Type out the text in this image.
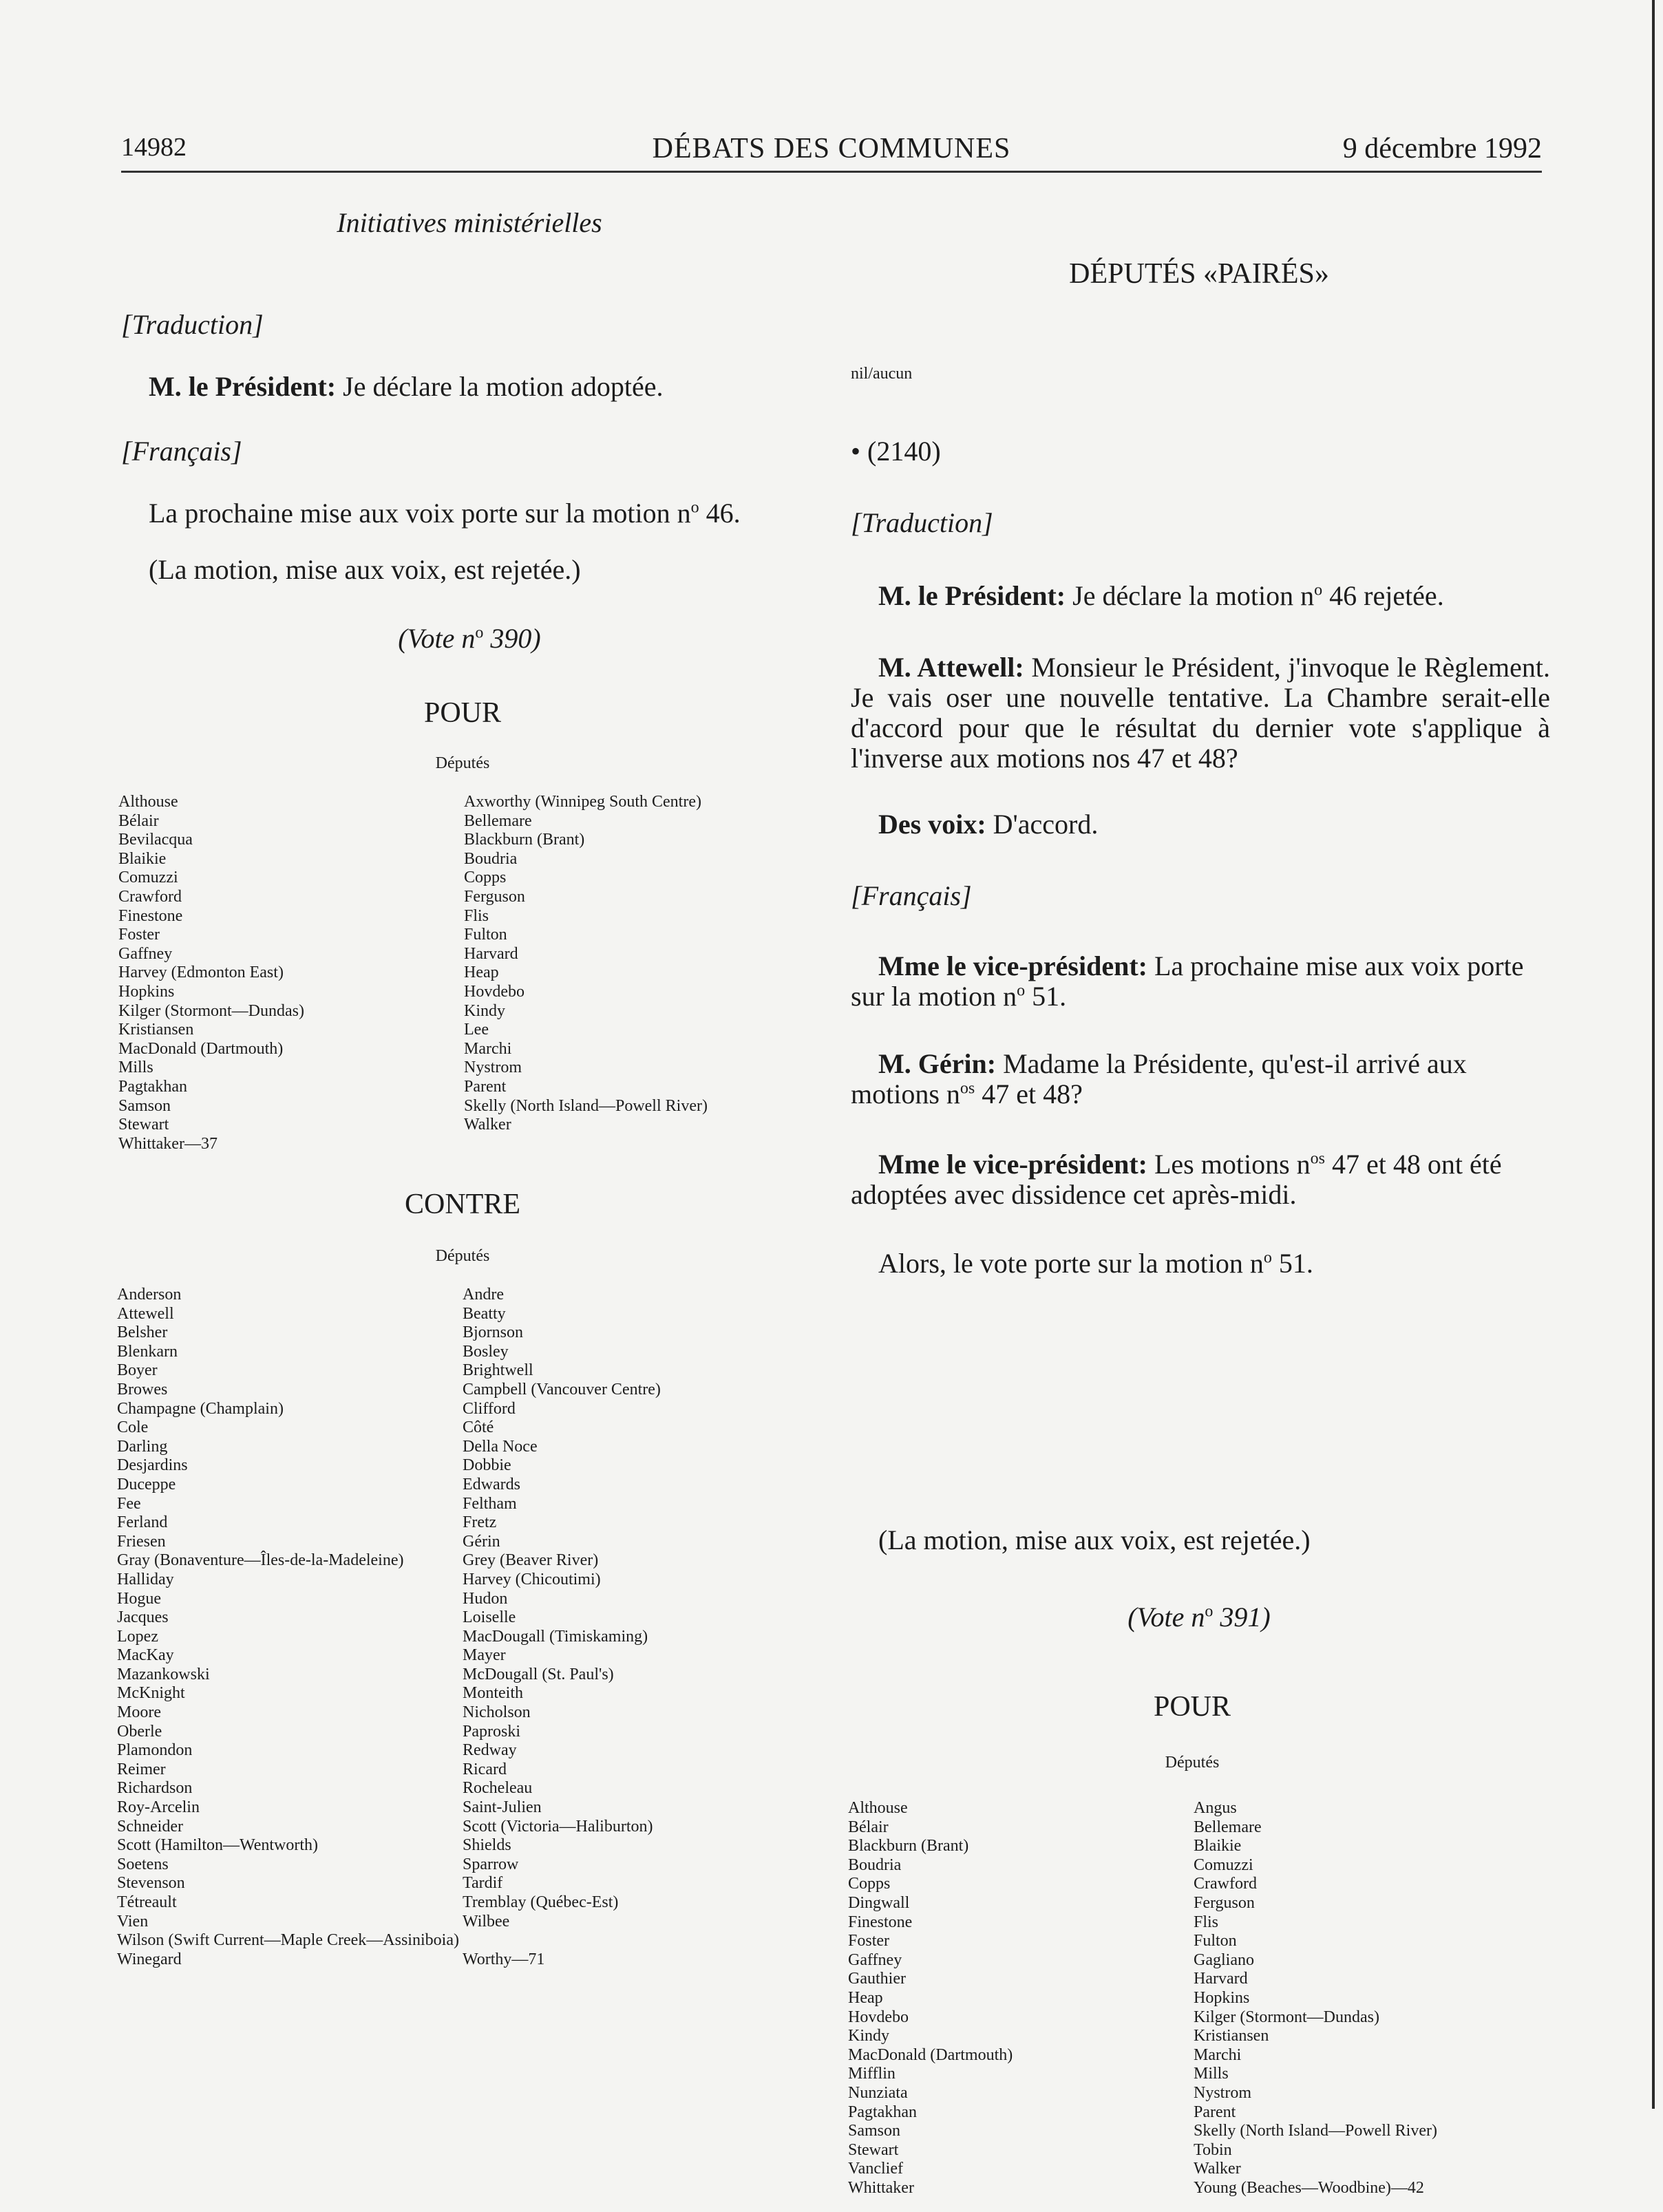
14982	DÉBATS DES COMMUNES	9 décembre 1992
Initiatives ministérielles
[Traduction]
M. le Président: Je déclare la motion adoptée.
[Français]
La prochaine mise aux voix porte sur la motion $n^o$ 46.
(La motion, mise aux voix, est rejetée.)
(Vote $n^o$ 390)
POUR
Députés
Althouse
Bélair
Bevilacqua
Blaikie
Comuzzi
Crawford
Finestone
Foster
Gaffney
Harvey (Edmonton East)
Hopkins
Kilger (Stormont—Dundas)
Kristiansen
MacDonald (Dartmouth)
Mills
Pagtakhan
Samson
Stewart
Whittaker—37
Axworthy (Winnipeg South Centre)
Bellemare
Blackburn (Brant)
Boudria
Copps
Ferguson
Flis
Fulton
Harvard
Heap
Hovdebo
Kindy
Lee
Marchi
Nystrom
Parent
Skelly (North Island—Powell River)
Walker
CONTRE
Députés
Anderson
Attewell
Belsher
Blenkarn
Boyer
Browes
Champagne (Champlain)
Cole
Darling
Desjardins
Duceppe
Fee
Ferland
Friesen
Gray (Bonaventure—Îles-de-la-Madeleine)
Halliday
Hogue
Jacques
Lopez
MacKay
Mazankowski
McKnight
Moore
Oberle
Plamondon
Reimer
Richardson
Roy-Arcelin
Schneider
Scott (Hamilton—Wentworth)
Soetens
Stevenson
Tétreault
Vien
Wilson (Swift Current—Maple Creek—Assiniboia)
Winegard
Andre
Beatty
Bjornson
Bosley
Brightwell
Campbell (Vancouver Centre)
Clifford
Côté
Della Noce
Dobbie
Edwards
Feltham
Fretz
Gérin
Grey (Beaver River)
Harvey (Chicoutimi)
Hudon
Loiselle
MacDougall (Timiskaming)
Mayer
McDougall (St. Paul's)
Monteith
Nicholson
Paproski
Redway
Ricard
Rocheleau
Saint-Julien
Scott (Victoria—Haliburton)
Shields
Sparrow
Tardif
Tremblay (Québec-Est)
Wilbee

Worthy—71
DÉPUTÉS «PAIRÉS»
nil/aucun
• (2140)
[Traduction]
M. le Président: Je déclare la motion $n^o$ 46 rejetée.
M. Attewell: Monsieur le Président, j'invoque le Règlement. Je vais oser une nouvelle tentative. La Chambre serait-elle d'accord pour que le résultat du dernier vote s'applique à l'inverse aux motions nos 47 et 48?
Des voix: D'accord.
[Français]
Mme le vice-président: La prochaine mise aux voix porte sur la motion $n^o$ 51.
M. Gérin: Madame la Présidente, qu'est-il arrivé aux motions $n^{os}$ 47 et 48?
Mme le vice-président: Les motions $n^{os}$ 47 et 48 ont été adoptées avec dissidence cet après-midi.
Alors, le vote porte sur la motion $n^o$ 51.
(La motion, mise aux voix, est rejetée.)
(Vote $n^o$ 391)
POUR
Députés
Althouse
Bélair
Blackburn (Brant)
Boudria
Copps
Dingwall
Finestone
Foster
Gaffney
Gauthier
Heap
Hovdebo
Kindy
MacDonald (Dartmouth)
Mifflin
Nunziata
Pagtakhan
Samson
Stewart
Vanclief
Whittaker
Angus
Bellemare
Blaikie
Comuzzi
Crawford
Ferguson
Flis
Fulton
Gagliano
Harvard
Hopkins
Kilger (Stormont—Dundas)
Kristiansen
Marchi
Mills
Nystrom
Parent
Skelly (North Island—Powell River)
Tobin
Walker
Young (Beaches—Woodbine)—42
